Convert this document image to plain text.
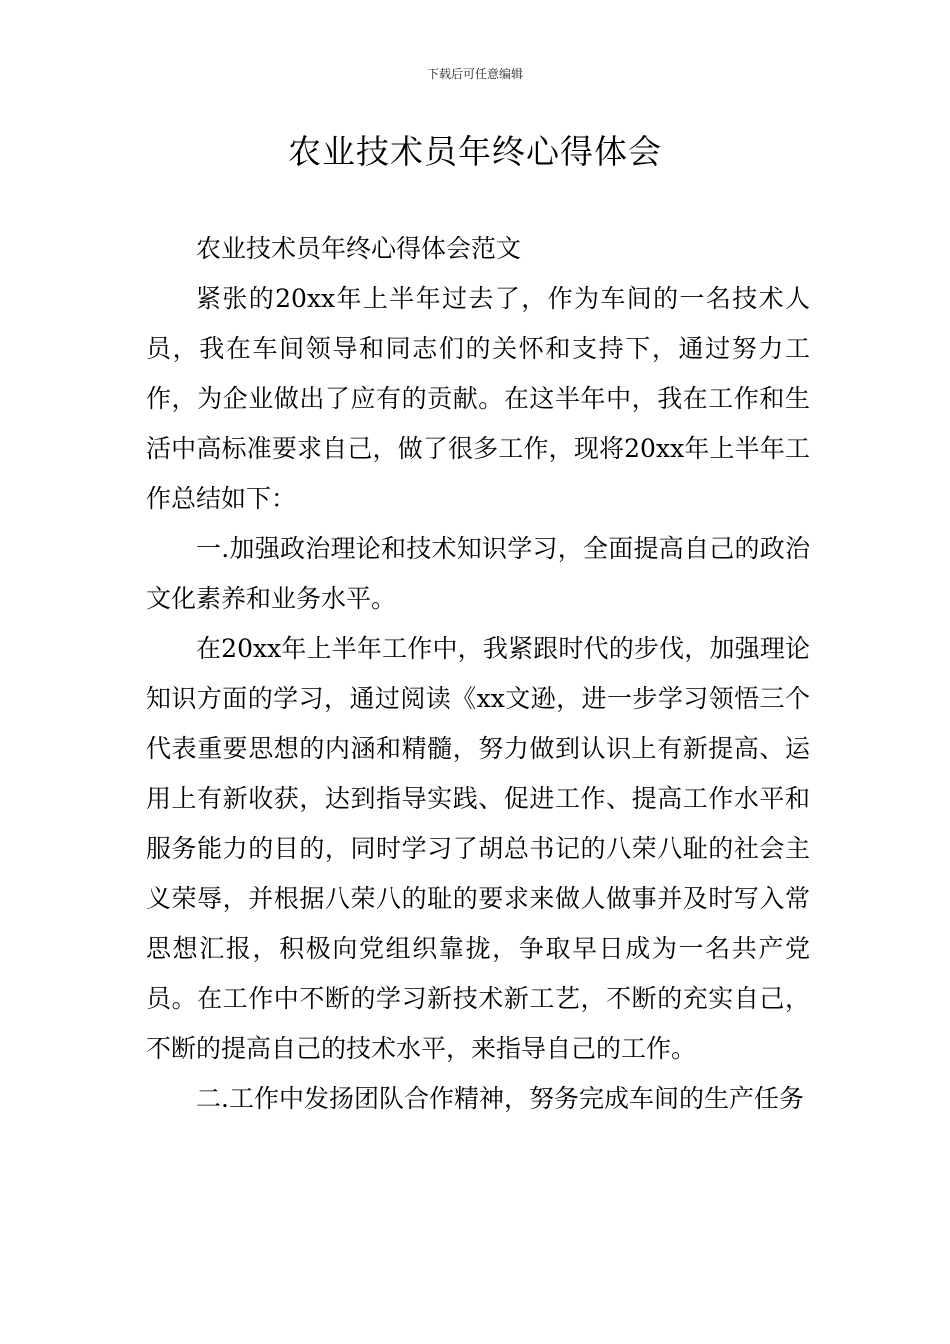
下载后可任意编辑
农业技术员年终心得体会

农业技术员年终心得体会范文

紧张的20xx年上半年过去了，作为车间的一名技术人员，我在车间领导和同志们的关怀和支持下，通过努力工作，为企业做出了应有的贡献。在这半年中，我在工作和生活中高标准要求自己，做了很多工作，现将20xx年上半年工作总结如下：

一.加强政治理论和技术知识学习，全面提高自己的政治文化素养和业务水平。

在20xx年上半年工作中，我紧跟时代的步伐，加强理论知识方面的学习，通过阅读《xx文逊，进一步学习领悟三个代表重要思想的内涵和精髓，努力做到认识上有新提高、运用上有新收获，达到指导实践、促进工作、提高工作水平和服务能力的目的，同时学习了胡总书记的八荣八耻的社会主义荣辱，并根据八荣八的耻的要求来做人做事并及时写入常思想汇报，积极向党组织靠拢，争取早日成为一名共产党员。在工作中不断的学习新技术新工艺，不断的充实自己，不断的提高自己的技术水平，来指导自己的工作。

二.工作中发扬团队合作精神，努务完成车间的生产任务
